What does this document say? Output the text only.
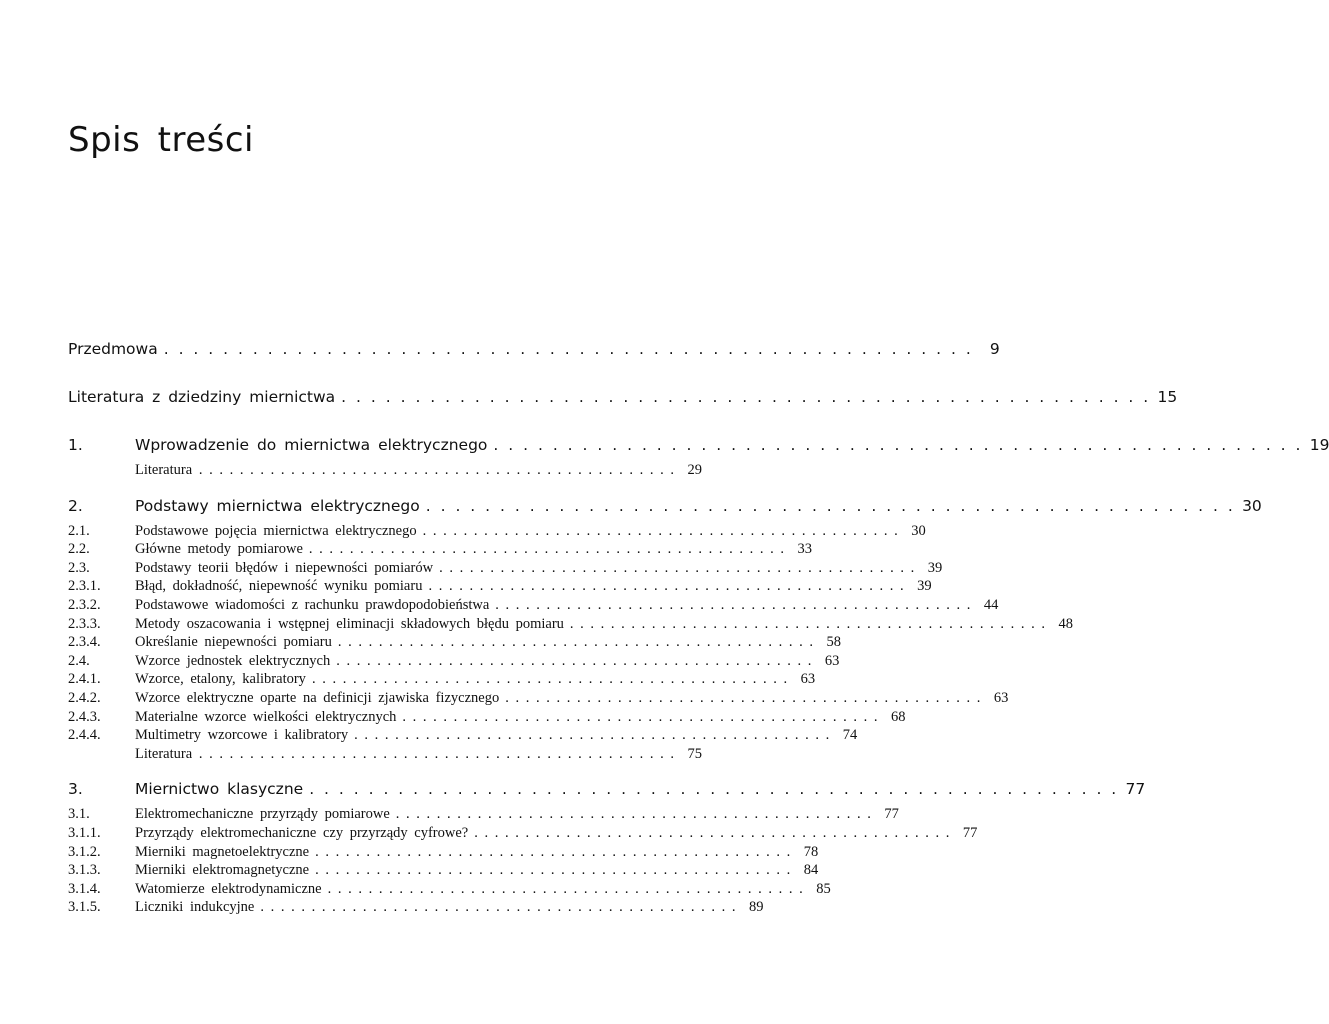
Spis treści
Przedmowa . . . . . . . . . . . . . . . . . . . . . . . . . . . . . . . . . . . . . . . . . . . . . . . . . . . . . . .	9
Literatura z dziedziny miernictwa . . . . . . . . . . . . . . . . . . . . . . . . . . . . . . . . . . . . . . . . . . . . . . . . . . . . . . . 15
1.	Wprowadzenie do miernictwa elektrycznego . . . . . . . . . . . . . . . . . . . . . . . . . . . . . . . . . . . . . . . . . . . . . . . . . . . . . . . 19
Literatura . . . . . . . . . . . . . . . . . . . . . . . . . . . . . . . . . . . . . . . . . . . . . . . 29
2.	Podstawy miernictwa elektrycznego . . . . . . . . . . . . . . . . . . . . . . . . . . . . . . . . . . . . . . . . . . . . . . . . . . . . . . . 30
2.1.	Podstawowe pojęcia miernictwa elektrycznego . . . . . . . . . . . . . . . . . . . . . . . . . . . . . . . . . . . . . . . . . . . . . . . 30
2.2.	Główne metody pomiarowe . . . . . . . . . . . . . . . . . . . . . . . . . . . . . . . . . . . . . . . . . . . . . . . 33
2.3.	Podstawy teorii błędów i niepewności pomiarów . . . . . . . . . . . . . . . . . . . . . . . . . . . . . . . . . . . . . . . . . . . . . . . 39
2.3.1.	Błąd, dokładność, niepewność wyniku pomiaru . . . . . . . . . . . . . . . . . . . . . . . . . . . . . . . . . . . . . . . . . . . . . . . 39
2.3.2.	Podstawowe wiadomości z rachunku prawdopodobieństwa . . . . . . . . . . . . . . . . . . . . . . . . . . . . . . . . . . . . . . . . . . . . . . . 44
2.3.3.	Metody oszacowania i wstępnej eliminacji składowych błędu pomiaru . . . . . . . . . . . . . . . . . . . . . . . . . . . . . . . . . . . . . . . . . . . . . . . 48
2.3.4.	Określanie niepewności pomiaru . . . . . . . . . . . . . . . . . . . . . . . . . . . . . . . . . . . . . . . . . . . . . . . 58
2.4.	Wzorce jednostek elektrycznych . . . . . . . . . . . . . . . . . . . . . . . . . . . . . . . . . . . . . . . . . . . . . . . 63
2.4.1.	Wzorce, etalony, kalibratory . . . . . . . . . . . . . . . . . . . . . . . . . . . . . . . . . . . . . . . . . . . . . . . 63
2.4.2.	Wzorce elektryczne oparte na definicji zjawiska fizycznego . . . . . . . . . . . . . . . . . . . . . . . . . . . . . . . . . . . . . . . . . . . . . . . 63
2.4.3.	Materialne wzorce wielkości elektrycznych . . . . . . . . . . . . . . . . . . . . . . . . . . . . . . . . . . . . . . . . . . . . . . . 68
2.4.4.	Multimetry wzorcowe i kalibratory . . . . . . . . . . . . . . . . . . . . . . . . . . . . . . . . . . . . . . . . . . . . . . . 74
Literatura . . . . . . . . . . . . . . . . . . . . . . . . . . . . . . . . . . . . . . . . . . . . . . . 75
3.	Miernictwo klasyczne . . . . . . . . . . . . . . . . . . . . . . . . . . . . . . . . . . . . . . . . . . . . . . . . . . . . . . . 77
3.1.	Elektromechaniczne przyrządy pomiarowe . . . . . . . . . . . . . . . . . . . . . . . . . . . . . . . . . . . . . . . . . . . . . . . 77
3.1.1.	Przyrządy elektromechaniczne czy przyrządy cyfrowe? . . . . . . . . . . . . . . . . . . . . . . . . . . . . . . . . . . . . . . . . . . . . . . . 77
3.1.2.	Mierniki magnetoelektryczne . . . . . . . . . . . . . . . . . . . . . . . . . . . . . . . . . . . . . . . . . . . . . . . 78
3.1.3.	Mierniki elektromagnetyczne . . . . . . . . . . . . . . . . . . . . . . . . . . . . . . . . . . . . . . . . . . . . . . . 84
3.1.4.	Watomierze elektrodynamiczne . . . . . . . . . . . . . . . . . . . . . . . . . . . . . . . . . . . . . . . . . . . . . . . 85
3.1.5.	Liczniki indukcyjne . . . . . . . . . . . . . . . . . . . . . . . . . . . . . . . . . . . . . . . . . . . . . . . 89
